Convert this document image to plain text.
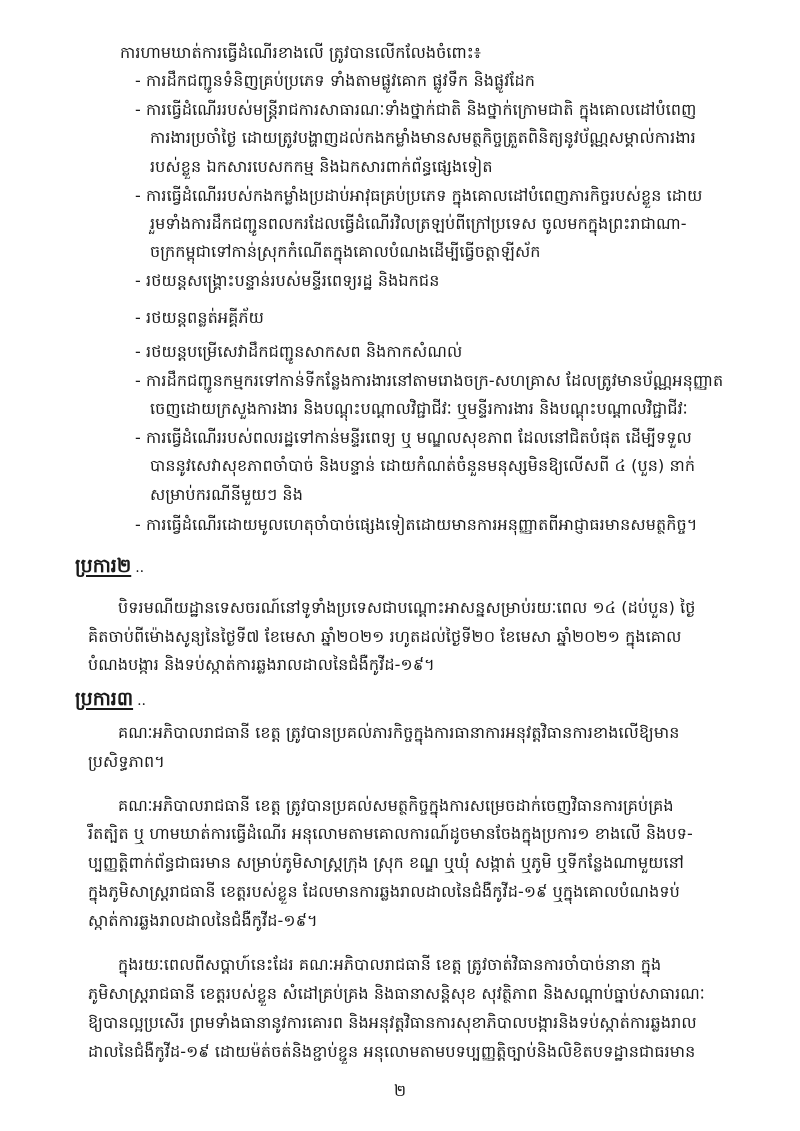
ការហាមឃាត់ការធ្វើដំណើរខាងលើ ត្រូវបានលើកលែងចំពោះ៖
- ការដឹកជញ្ជូនទំនិញគ្រប់ប្រភេទ ទាំងតាមផ្លូវគោក ផ្លូវទឹក និងផ្លូវដែក
- ការធ្វើដំណើររបស់មន្ត្រីរាជការសាធារណៈទាំងថ្នាក់ជាតិ និងថ្នាក់ក្រោមជាតិ ក្នុងគោលដៅបំពេញ
ការងារប្រចាំថ្ងៃ ដោយត្រូវបង្ហាញដល់កងកម្លាំងមានសមត្ថកិច្ចត្រួតពិនិត្យនូវប័ណ្ណសម្គាល់ការងារ
របស់ខ្លួន ឯកសារបេសកកម្ម និងឯកសារពាក់ព័ន្ធផ្សេងទៀត
- ការធ្វើដំណើររបស់កងកម្លាំងប្រដាប់អាវុធគ្រប់ប្រភេទ ក្នុងគោលដៅបំពេញភារកិច្ចរបស់ខ្លួន ដោយ
រួមទាំងការដឹកជញ្ជូនពលករដែលធ្វើដំណើរវិលត្រឡប់ពីក្រៅប្រទេស ចូលមកក្នុងព្រះរាជាណា-
ចក្រកម្ពុជាទៅកាន់ស្រុកកំណើតក្នុងគោលបំណងដើម្បីធ្វើចត្តាឡីស័ក
- រថយន្តសង្គ្រោះបន្ទាន់របស់មន្ទីរពេទ្យរដ្ឋ និងឯកជន
- រថយន្តពន្លត់អគ្គីភ័យ
- រថយន្តបម្រើសេវាដឹកជញ្ជូនសាកសព និងកាកសំណល់
- ការដឹកជញ្ជូនកម្មករទៅកាន់ទីកន្លែងការងារនៅតាមរោងចក្រ-សហគ្រាស ដែលត្រូវមានប័ណ្ណអនុញ្ញាត
ចេញដោយក្រសួងការងារ និងបណ្តុះបណ្តាលវិជ្ជាជីវៈ ឬមន្ទីរការងារ និងបណ្តុះបណ្តាលវិជ្ជាជីវៈ
- ការធ្វើដំណើររបស់ពលរដ្ឋទៅកាន់មន្ទីរពេទ្យ ឬ មណ្ឌលសុខភាព ដែលនៅជិតបំផុត ដើម្បីទទួល
បាននូវសេវាសុខភាពចាំបាច់ និងបន្ទាន់ ដោយកំណត់ចំនួនមនុស្សមិនឱ្យលើសពី ៤ (បួន) នាក់
សម្រាប់ករណីនីមួយៗ និង
- ការធ្វើដំណើរដោយមូលហេតុចាំបាច់ផ្សេងទៀតដោយមានការអនុញ្ញាតពីអាជ្ញាធរមានសមត្ថកិច្ច។
ប្រការ២ ..
បិទរមណីយដ្ឋានទេសចរណ៍នៅទូទាំងប្រទេសជាបណ្តោះអាសន្នសម្រាប់រយៈពេល ១៤ (ដប់បួន) ថ្ងៃ
គិតចាប់ពីម៉ោងសូន្យនៃថ្ងៃទី៧ ខែមេសា ឆ្នាំ២០២១ រហូតដល់ថ្ងៃទី២០ ខែមេសា ឆ្នាំ២០២១ ក្នុងគោល
បំណងបង្ការ និងទប់ស្កាត់ការឆ្លងរាលដាលនៃជំងឺកូវីដ-១៩។
ប្រការ៣ ..
គណៈអភិបាលរាជធានី ខេត្ត ត្រូវបានប្រគល់ភារកិច្ចក្នុងការធានាការអនុវត្តវិធានការខាងលើឱ្យមាន
ប្រសិទ្ធភាព។
គណៈអភិបាលរាជធានី ខេត្ត ត្រូវបានប្រគល់សមត្ថកិច្ចក្នុងការសម្រេចដាក់ចេញវិធានការគ្រប់គ្រង
រឹតត្បិត ឬ ហាមឃាត់ការធ្វើដំណើរ អនុលោមតាមគោលការណ៍ដូចមានចែងក្នុងប្រការ១ ខាងលើ និងបទ-
ប្បញ្ញត្តិពាក់ព័ន្ធជាធរមាន សម្រាប់ភូមិសាស្ត្រក្រុង ស្រុក ខណ្ឌ ឬឃុំ សង្កាត់ ឬភូមិ ឬទីកន្លែងណាមួយនៅ
ក្នុងភូមិសាស្ត្ររាជធានី ខេត្តរបស់ខ្លួន ដែលមានការឆ្លងរាលដាលនៃជំងឺកូវីដ-១៩ ឬក្នុងគោលបំណងទប់
ស្កាត់ការឆ្លងរាលដាលនៃជំងឺកូវីដ-១៩។
ក្នុងរយៈពេលពីសប្តាហ៍នេះដែរ គណៈអភិបាលរាជធានី ខេត្ត ត្រូវចាត់វិធានការចាំបាច់នានា ក្នុង
ភូមិសាស្ត្ររាជធានី ខេត្តរបស់ខ្លួន សំដៅគ្រប់គ្រង និងធានាសន្តិសុខ សុវត្ថិភាព និងសណ្តាប់ធ្នាប់សាធារណៈ
ឱ្យបានល្អប្រសើរ ព្រមទាំងធានានូវការគោរព និងអនុវត្តវិធានការសុខាភិបាលបង្ការនិងទប់ស្កាត់ការឆ្លងរាល
ដាលនៃជំងឺកូវីដ-១៩ ដោយម៉ត់ចត់និងខ្ជាប់ខ្ជួន អនុលោមតាមបទប្បញ្ញត្តិច្បាប់និងលិខិតបទដ្ឋានជាធរមាន
២
